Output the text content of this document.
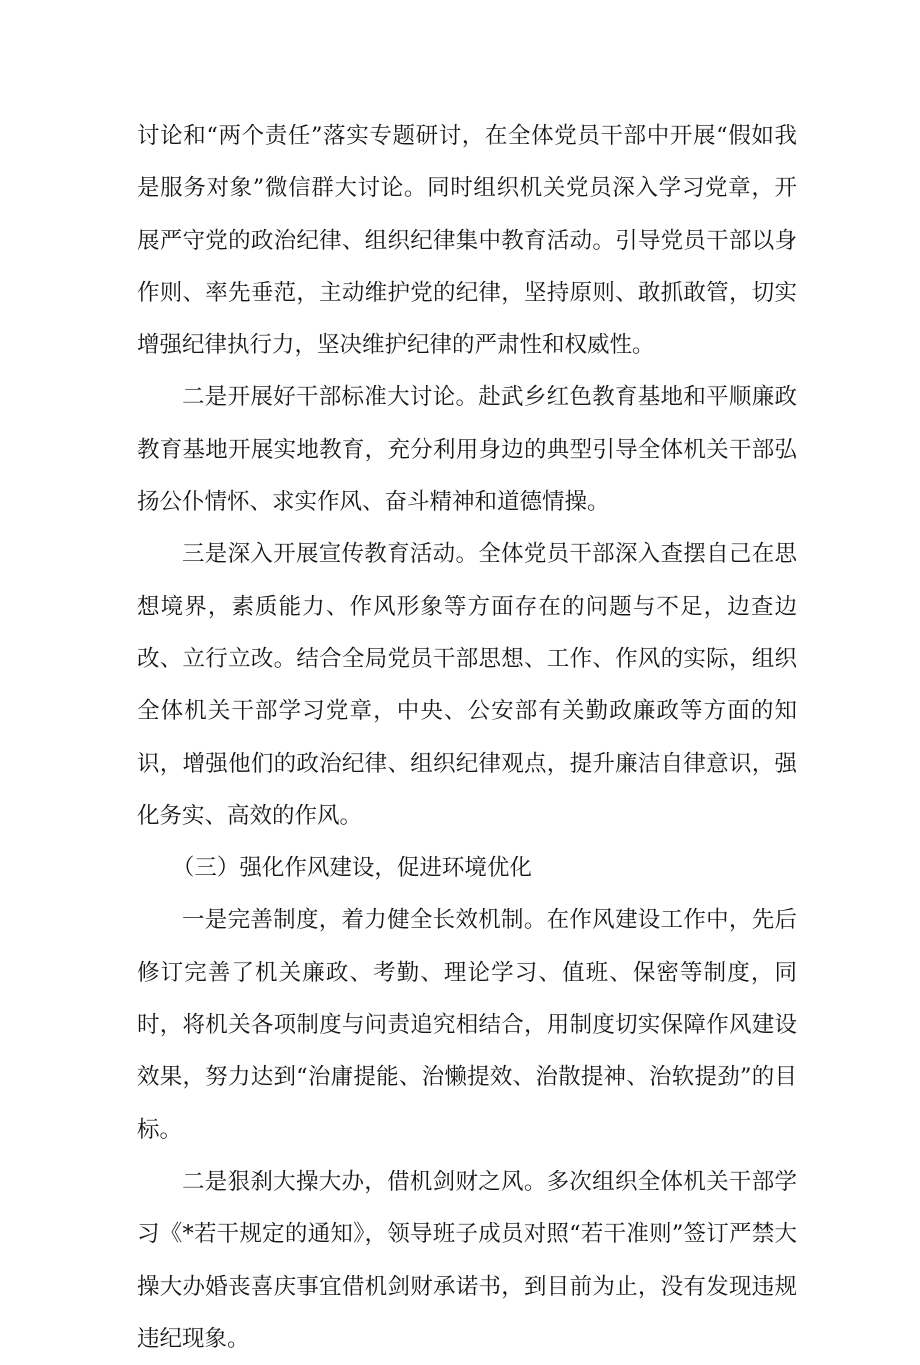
讨论和“两个责任”落实专题研讨，在全体党员干部中开展“假如我是服务对象”微信群大讨论。同时组织机关党员深入学习党章，开展严守党的政治纪律、组织纪律集中教育活动。引导党员干部以身作则、率先垂范，主动维护党的纪律，坚持原则、敢抓敢管，切实增强纪律执行力，坚决维护纪律的严肃性和权威性。

二是开展好干部标准大讨论。赴武乡红色教育基地和平顺廉政教育基地开展实地教育，充分利用身边的典型引导全体机关干部弘扬公仆情怀、求实作风、奋斗精神和道德情操。

三是深入开展宣传教育活动。全体党员干部深入查摆自己在思想境界，素质能力、作风形象等方面存在的问题与不足，边查边改、立行立改。结合全局党员干部思想、工作、作风的实际，组织全体机关干部学习党章，中央、公安部有关勤政廉政等方面的知识，增强他们的政治纪律、组织纪律观点，提升廉洁自律意识，强化务实、高效的作风。

（三）强化作风建设，促进环境优化

一是完善制度，着力健全长效机制。在作风建设工作中，先后修订完善了机关廉政、考勤、理论学习、值班、保密等制度，同时，将机关各项制度与问责追究相结合，用制度切实保障作风建设效果，努力达到“治庸提能、治懒提效、治散提神、治软提劲”的目标。

二是狠刹大操大办，借机剑财之风。多次组织全体机关干部学习《*若干规定的通知》，领导班子成员对照“若干准则”签订严禁大操大办婚丧喜庆事宜借机剑财承诺书，到目前为止，没有发现违规违纪现象。
